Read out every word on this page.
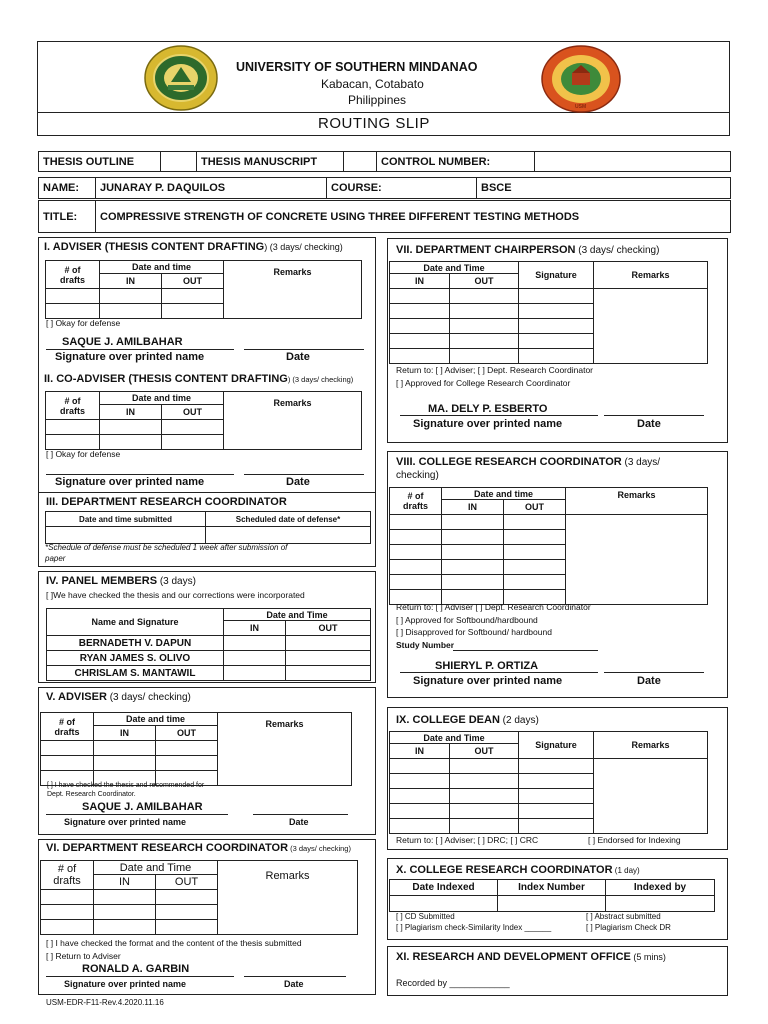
UNIVERSITY OF SOUTHERN MINDANAO
USM
UNIVERSITY OF SOUTHERN MINDANAO
Kabacan, Cotabato
Philippines
ROUTING SLIP
THESIS OUTLINE		THESIS MANUSCRIPT		CONTROL NUMBER:	
NAME:	JUNARAY P. DAQUILOS	COURSE:	BSCE
TITLE:	COMPRESSIVE STRENGTH OF CONCRETE USING THREE DIFFERENT TESTING METHODS
I. ADVISER (THESIS CONTENT DRAFTING) (3 days/ checking)
# of
drafts	Date and time		Remarks
	IN	OUT	

[ ] Okay for defense
SAQUE J. AMILBAHAR
Signature over printed name	Date
II. CO-ADVISER (THESIS CONTENT DRAFTING) (3 days/ checking)
# of
drafts	Date and time		Remarks
	IN	OUT	

[ ] Okay for defense
Signature over printed name	Date
III. DEPARTMENT RESEARCH COORDINATOR
Date and time submitted	Scheduled date of defense*

*Schedule of defense must be scheduled 1 week after submission of
paper
IV. PANEL MEMBERS (3 days)
[ ]We have checked the thesis and our corrections were incorporated
Name and Signature	Date and Time	
	IN	OUT
BERNADETH V. DAPUN		
RYAN JAMES S. OLIVO		
CHRISLAM S. MANTAWIL		
V. ADVISER (3 days/ checking)
# of
drafts	Date and time		Remarks
	IN	OUT	

[ ] I have checked the thesis and recommended for
Dept. Research Coordinator.
SAQUE J. AMILBAHAR
Signature over printed name	Date
VI. DEPARTMENT RESEARCH COORDINATOR (3 days/ checking)
# of
drafts	Date and Time		Remarks
	IN	OUT	

[ ] I have checked the format and the content of the thesis submitted
[ ] Return to Adviser
RONALD A. GARBIN
Signature over printed name	Date
USM-EDR-F11-Rev.4.2020.11.16
VII. DEPARTMENT CHAIRPERSON (3 days/ checking)
Date and Time		Signature	Remarks
IN	OUT		

Return to: [ ] Adviser; [ ] Dept. Research Coordinator
[ ] Approved for College Research Coordinator
MA. DELY P. ESBERTO
Signature over printed name	Date
VIII. COLLEGE RESEARCH COORDINATOR (3 days/
checking)
# of
drafts	Date and time		Remarks
	IN	OUT	

Return to: [ ] Adviser [ ] Dept. Research Coordinator
[ ] Approved for Softbound/hardbound
[ ] Disapproved for Softbound/ hardbound
Study Number
SHIERYL P. ORTIZA
Signature over printed name	Date
IX. COLLEGE DEAN (2 days)
Date and Time		Signature	Remarks
IN	OUT		

Return to: [ ] Adviser; [ ] DRC; [ ] CRC	[ ] Endorsed for Indexing
X. COLLEGE RESEARCH COORDINATOR (1 day)
Date Indexed	Index Number	Indexed by

[ ] CD Submitted	[ ] Abstract submitted
[ ] Plagiarism check-Similarity Index ______	[ ] Plagiarism Check DR
XI. RESEARCH AND DEVELOPMENT OFFICE (5 mins)
Recorded by ____________
